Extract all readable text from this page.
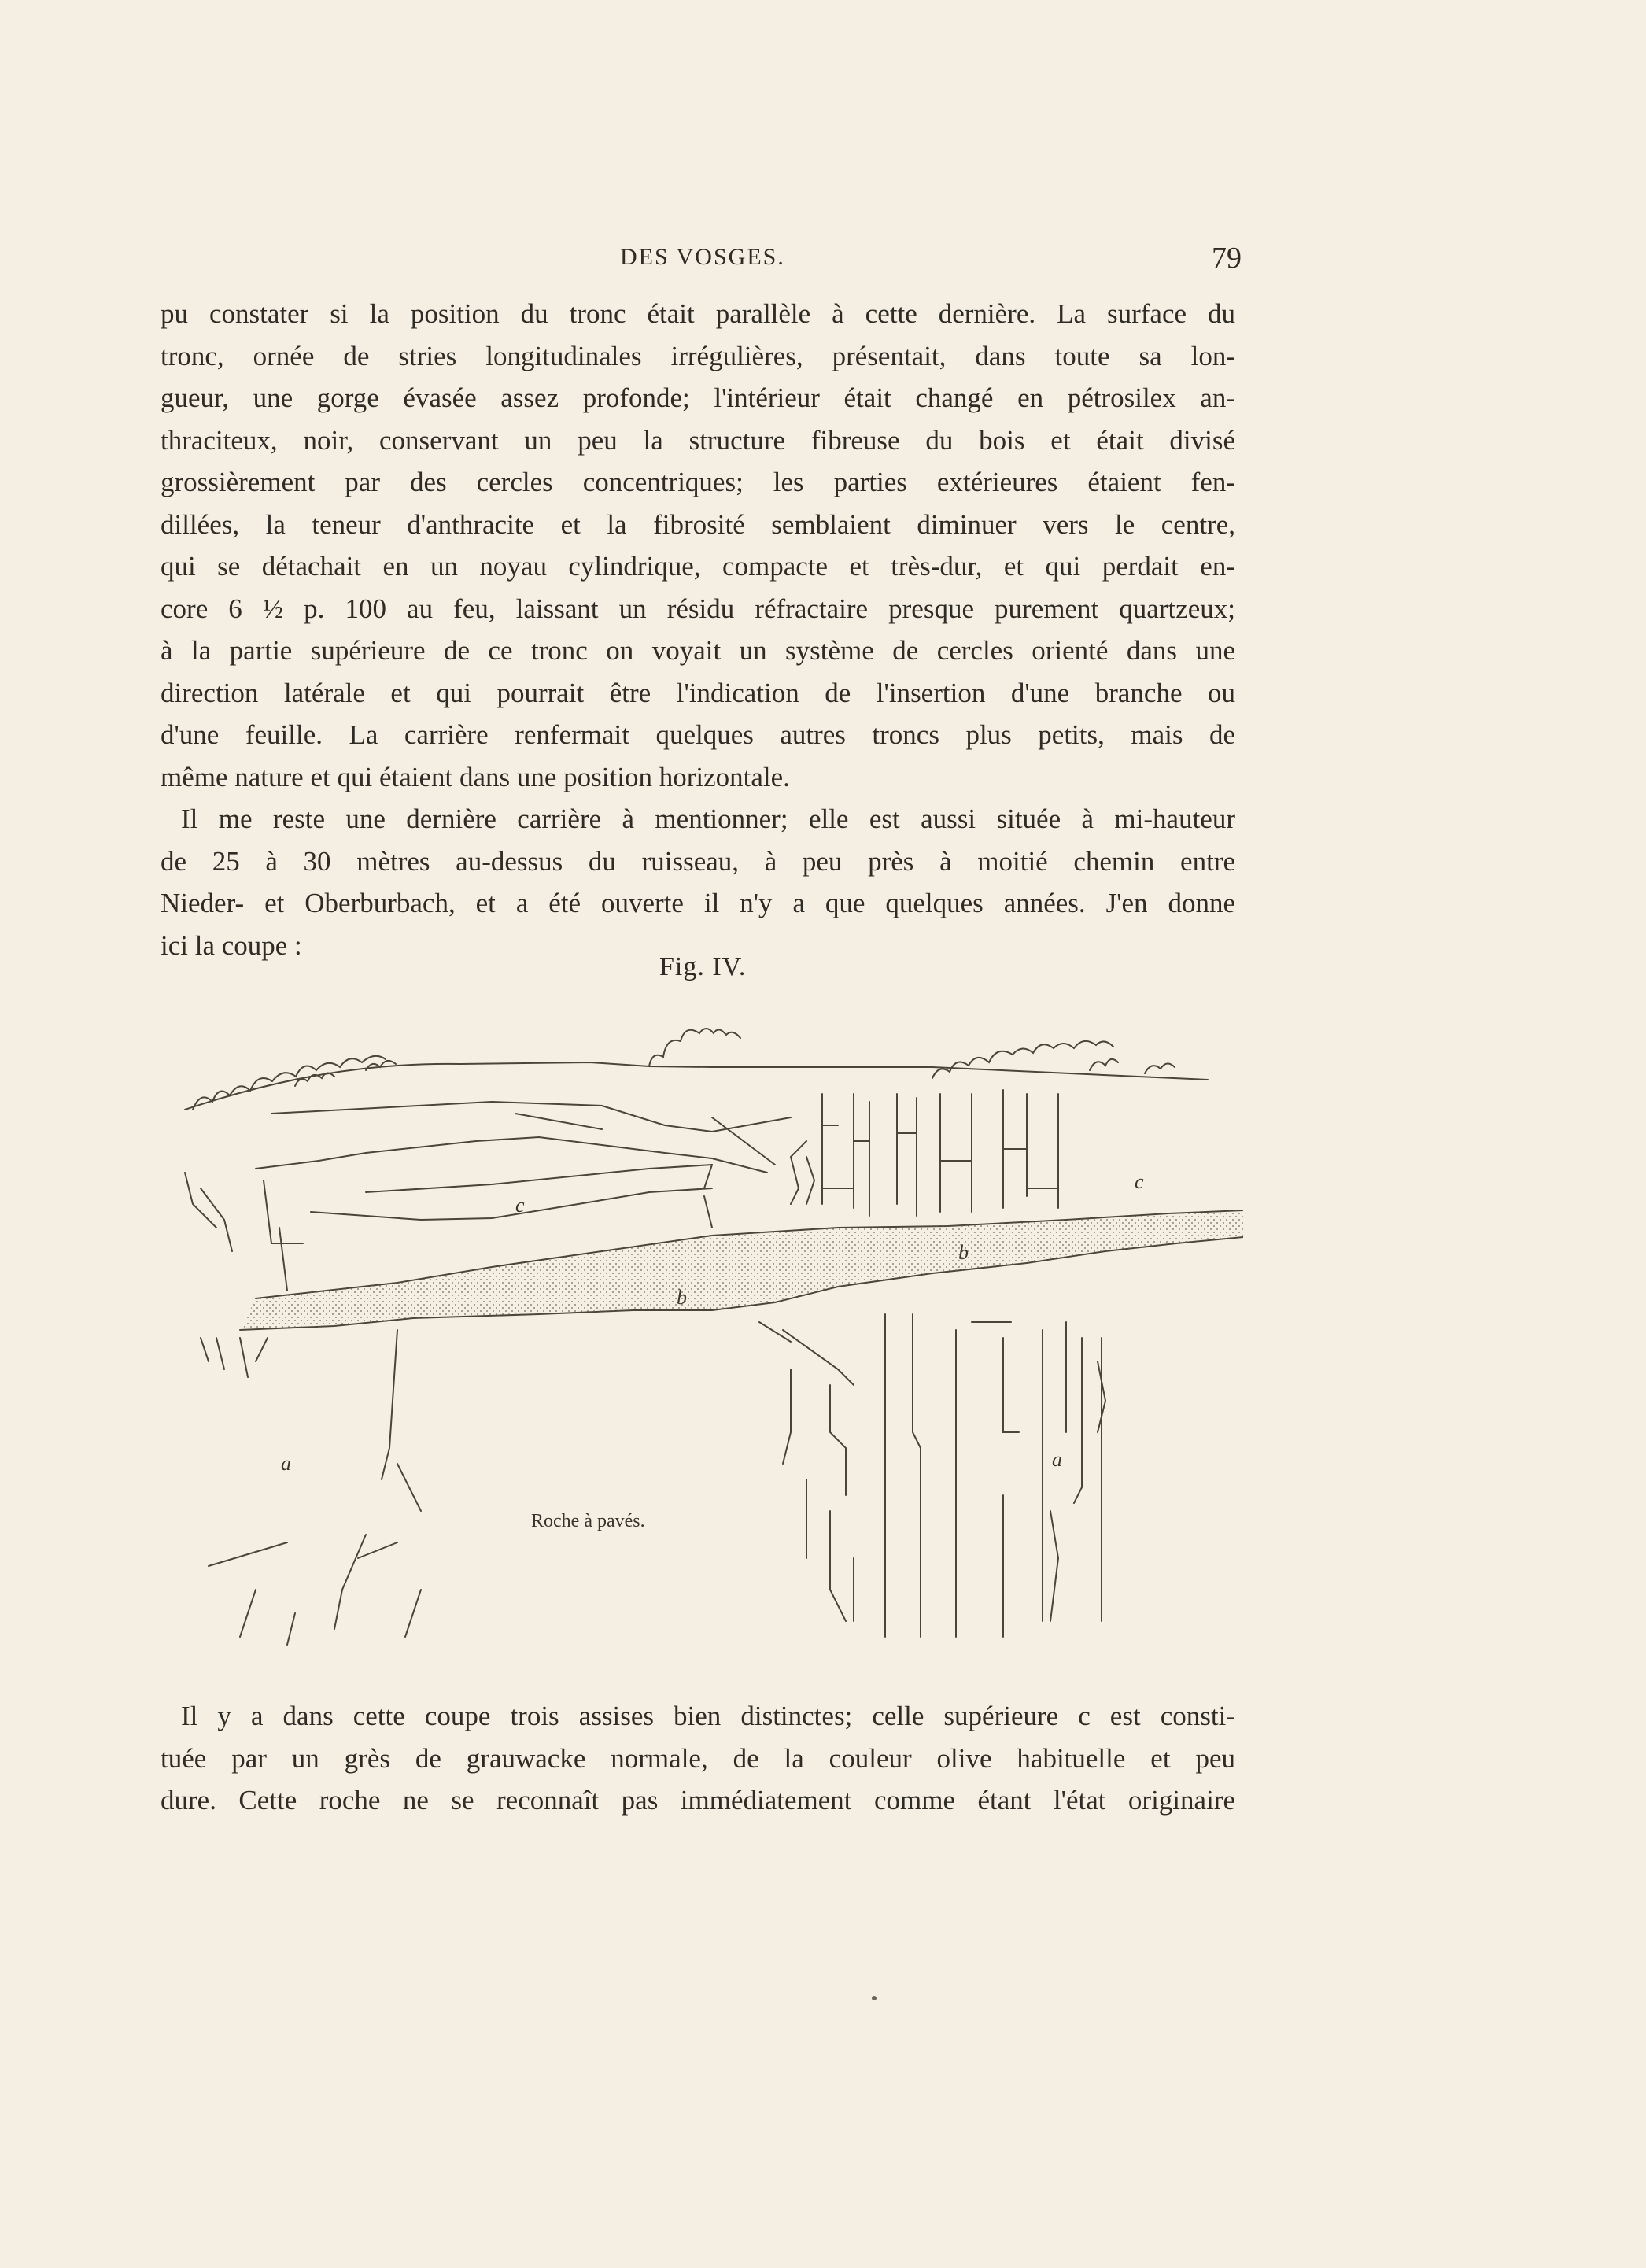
DES VOSGES.	79
pu constater si la position du tronc était parallèle à cette dernière. La surface du
tronc, ornée de stries longitudinales irrégulières, présentait, dans toute sa lon-
gueur, une gorge évasée assez profonde; l'intérieur était changé en pétrosilex an-
thraciteux, noir, conservant un peu la structure fibreuse du bois et était divisé
grossièrement par des cercles concentriques; les parties extérieures étaient fen-
dillées, la teneur d'anthracite et la fibrosité semblaient diminuer vers le centre,
qui se détachait en un noyau cylindrique, compacte et très-dur, et qui perdait en-
core 6 ½ p. 100 au feu, laissant un résidu réfractaire presque purement quartzeux;
à la partie supérieure de ce tronc on voyait un système de cercles orienté dans une
direction latérale et qui pourrait être l'indication de l'insertion d'une branche ou
d'une feuille. La carrière renfermait quelques autres troncs plus petits, mais de
même nature et qui étaient dans une position horizontale.
Il me reste une dernière carrière à mentionner; elle est aussi située à mi-hauteur
de 25 à 30 mètres au-dessus du ruisseau, à peu près à moitié chemin entre
Nieder- et Oberburbach, et a été ouverte il n'y a que quelques années. J'en donne
ici la coupe :
Fig. IV.
c
c
b
b
a	a
Roche à pavés.
Il y a dans cette coupe trois assises bien distinctes; celle supérieure c est consti-
tuée par un grès de grauwacke normale, de la couleur olive habituelle et peu
dure. Cette roche ne se reconnaît pas immédiatement comme étant l'état originaire
